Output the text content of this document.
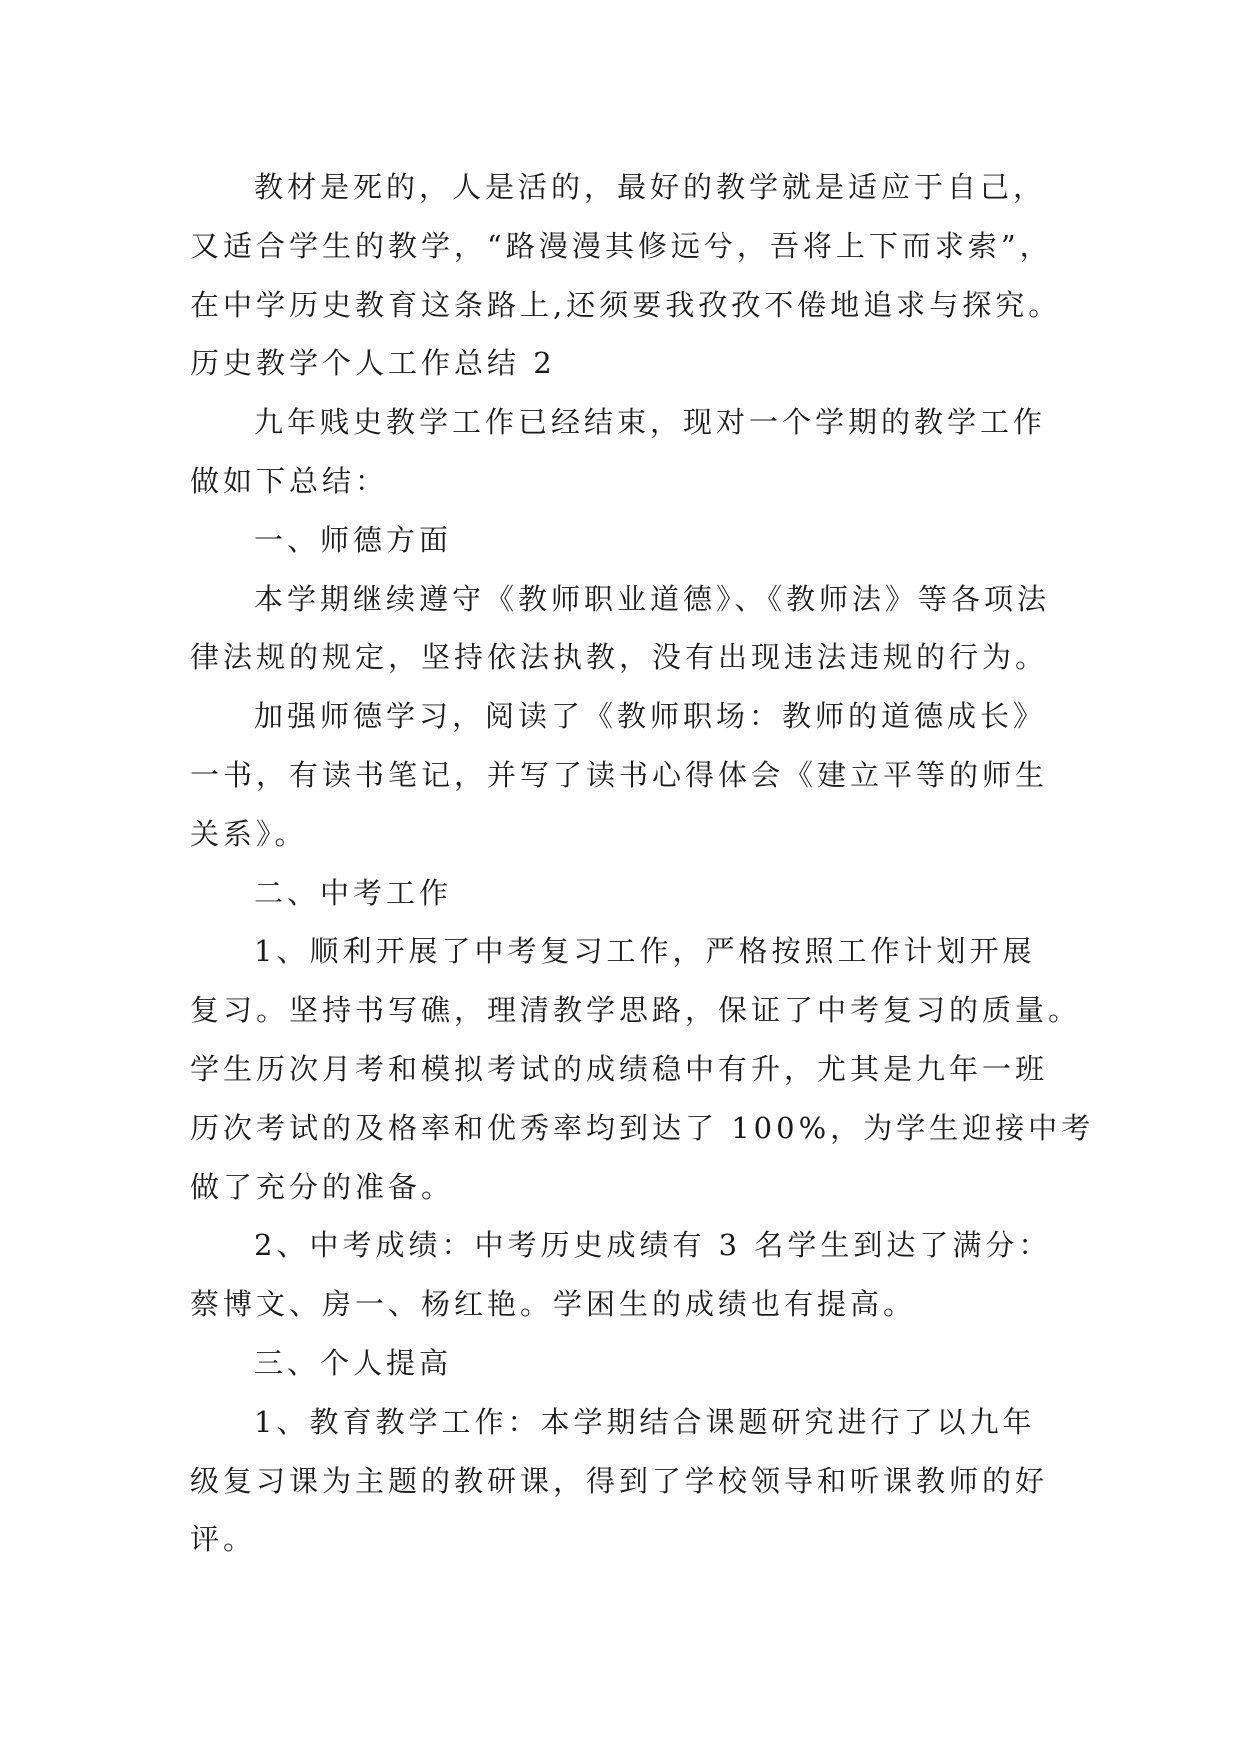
教材是死的，人是活的，最好的教学就是适应于自己，
又适合学生的教学，“路漫漫其修远兮，吾将上下而求索”，
在中学历史教育这条路上,还须要我孜孜不倦地追求与探究。
历史教学个人工作总结 2
九年贱史教学工作已经结束，现对一个学期的教学工作
做如下总结：
一、师德方面
本学期继续遵守《教师职业道德》、《教师法》等各项法
律法规的规定，坚持依法执教，没有出现违法违规的行为。
加强师德学习，阅读了《教师职场：教师的道德成长》
一书，有读书笔记，并写了读书心得体会《建立平等的师生
关系》。
二、中考工作
1、顺利开展了中考复习工作，严格按照工作计划开展
复习。坚持书写礁，理清教学思路，保证了中考复习的质量。
学生历次月考和模拟考试的成绩稳中有升，尤其是九年一班
历次考试的及格率和优秀率均到达了 100%，为学生迎接中考
做了充分的准备。
2、中考成绩：中考历史成绩有 3 名学生到达了满分：
蔡博文、房一、杨红艳。学困生的成绩也有提高。
三、个人提高
1、教育教学工作：本学期结合课题研究进行了以九年
级复习课为主题的教研课，得到了学校领导和听课教师的好
评。
